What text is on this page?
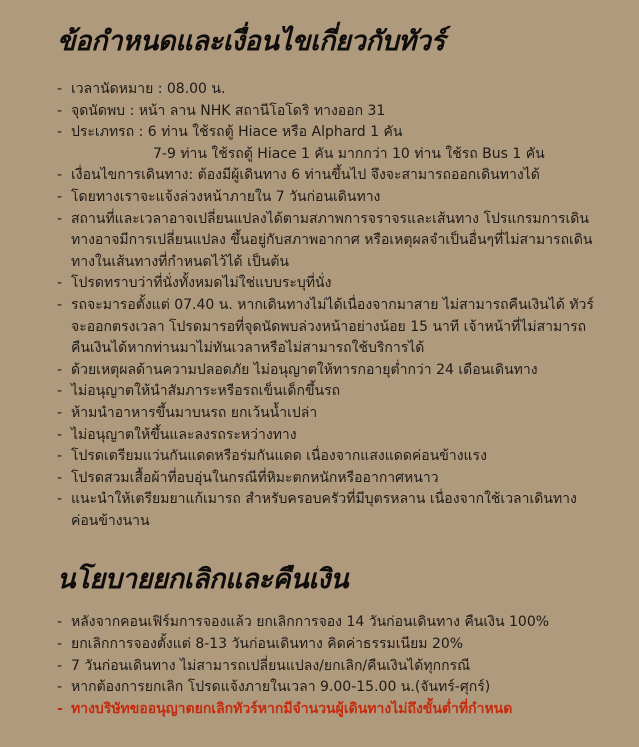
ข้อกำหนดและเงื่อนไขเกี่ยวกับทัวร์
- เวลานัดหมาย : 08.00 น.
- จุดนัดพบ : หน้า ลาน NHK สถานีโอโดริ ทางออก 31
- ประเภทรถ : 6 ท่าน ใช้รถตู้ Hiace หรือ Alphard 1 คัน
7-9 ท่าน ใช้รถตู้ Hiace 1 คัน มากกว่า 10 ท่าน ใช้รถ Bus 1 คัน
- เงื่อนไขการเดินทาง: ต้องมีผู้เดินทาง 6 ท่านขึ้นไป จึงจะสามารถออกเดินทางได้
- โดยทางเราจะแจ้งล่วงหน้าภายใน 7 วันก่อนเดินทาง
- สถานที่และเวลาอาจเปลี่ยนแปลงได้ตามสภาพการจราจรและเส้นทาง โปรแกรมการเดินทางอาจมีการเปลี่ยนแปลง ขึ้นอยู่กับสภาพอากาศ หรือเหตุผลจำเป็นอื่นๆที่ไม่สามารถเดินทางในเส้นทางที่กำหนดไว้ได้ เป็นต้น
- โปรดทราบว่าที่นั่งทั้งหมดไม่ใช่แบบระบุที่นั่ง
- รถจะมารอตั้งแต่ 07.40 น. หากเดินทางไม่ได้เนื่องจากมาสาย ไม่สามารถคืนเงินได้ ทัวร์จะออกตรงเวลา โปรดมารอที่จุดนัดพบล่วงหน้าอย่างน้อย 15 นาที เจ้าหน้าที่ไม่สามารถคืนเงินได้หากท่านมาไม่ทันเวลาหรือไม่สามารถใช้บริการได้
- ด้วยเหตุผลด้านความปลอดภัย ไม่อนุญาตให้ทารกอายุต่ำกว่า 24 เดือนเดินทาง
- ไม่อนุญาตให้นำสัมภาระหรือรถเข็นเด็กขึ้นรถ
- ห้ามนำอาหารขึ้นมาบนรถ ยกเว้นน้ำเปล่า
- ไม่อนุญาตให้ขึ้นและลงรถระหว่างทาง
- โปรดเตรียมแว่นกันแดดหรือร่มกันแดด เนื่องจากแสงแดดค่อนข้างแรง
- โปรดสวมเสื้อผ้าที่อบอุ่นในกรณีที่หิมะตกหนักหรืออากาศหนาว
- แนะนำให้เตรียมยาแก้เมารถ สำหรับครอบครัวที่มีบุตรหลาน เนื่องจากใช้เวลาเดินทางค่อนข้างนาน
นโยบายยกเลิกและคืนเงิน
- หลังจากคอนเฟิร์มการจองแล้ว ยกเลิกการจอง 14 วันก่อนเดินทาง คืนเงิน 100%
- ยกเลิกการจองตั้งแต่ 8-13 วันก่อนเดินทาง คิดค่าธรรมเนียม 20%
- 7 วันก่อนเดินทาง ไม่สามารถเปลี่ยนแปลง/ยกเลิก/คืนเงินได้ทุกกรณี
- หากต้องการยกเลิก โปรดแจ้งภายในเวลา 9.00-15.00 น.(จันทร์-ศุกร์)
- ทางบริษัทขออนุญาตยกเลิกทัวร์หากมีจำนวนผู้เดินทางไม่ถึงขั้นต่ำที่กำหนด
